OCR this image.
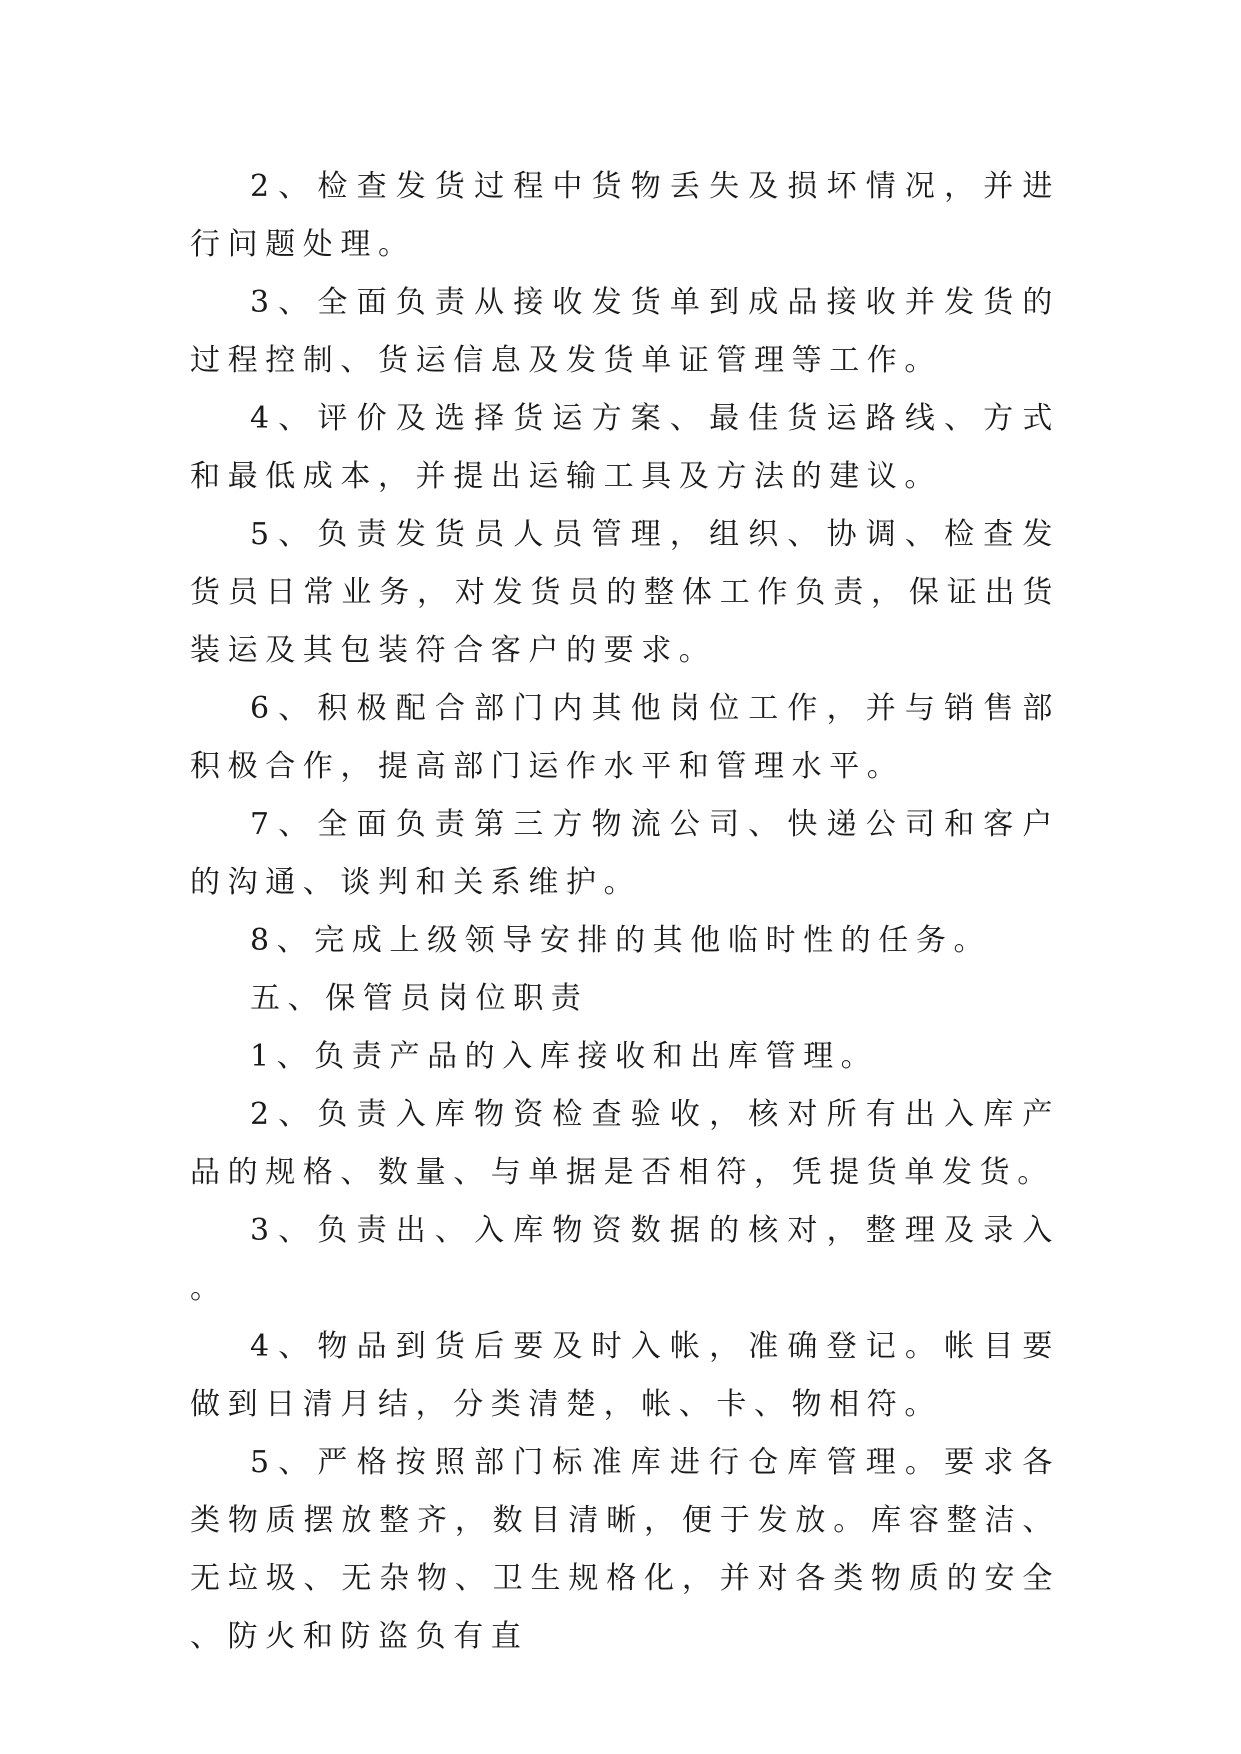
2、检查发货过程中货物丢失及损坏情况，并进行问题处理。

3、全面负责从接收发货单到成品接收并发货的过程控制、货运信息及发货单证管理等工作。

4、评价及选择货运方案、最佳货运路线、方式和最低成本，并提出运输工具及方法的建议。

5、负责发货员人员管理，组织、协调、检查发货员日常业务，对发货员的整体工作负责，保证出货装运及其包装符合客户的要求。

6、积极配合部门内其他岗位工作，并与销售部积极合作，提高部门运作水平和管理水平。

7、全面负责第三方物流公司、快递公司和客户的沟通、谈判和关系维护。

8、完成上级领导安排的其他临时性的任务。

五、保管员岗位职责

1、负责产品的入库接收和出库管理。

2、负责入库物资检查验收，核对所有出入库产品的规格、数量、与单据是否相符，凭提货单发货。

3、负责出、入库物资数据的核对，整理及录入。

4、物品到货后要及时入帐，准确登记。帐目要做到日清月结，分类清楚，帐、卡、物相符。

5、严格按照部门标准库进行仓库管理。要求各类物质摆放整齐，数目清晰，便于发放。库容整洁、无垃圾、无杂物、卫生规格化，并对各类物质的安全、防火和防盗负有直
